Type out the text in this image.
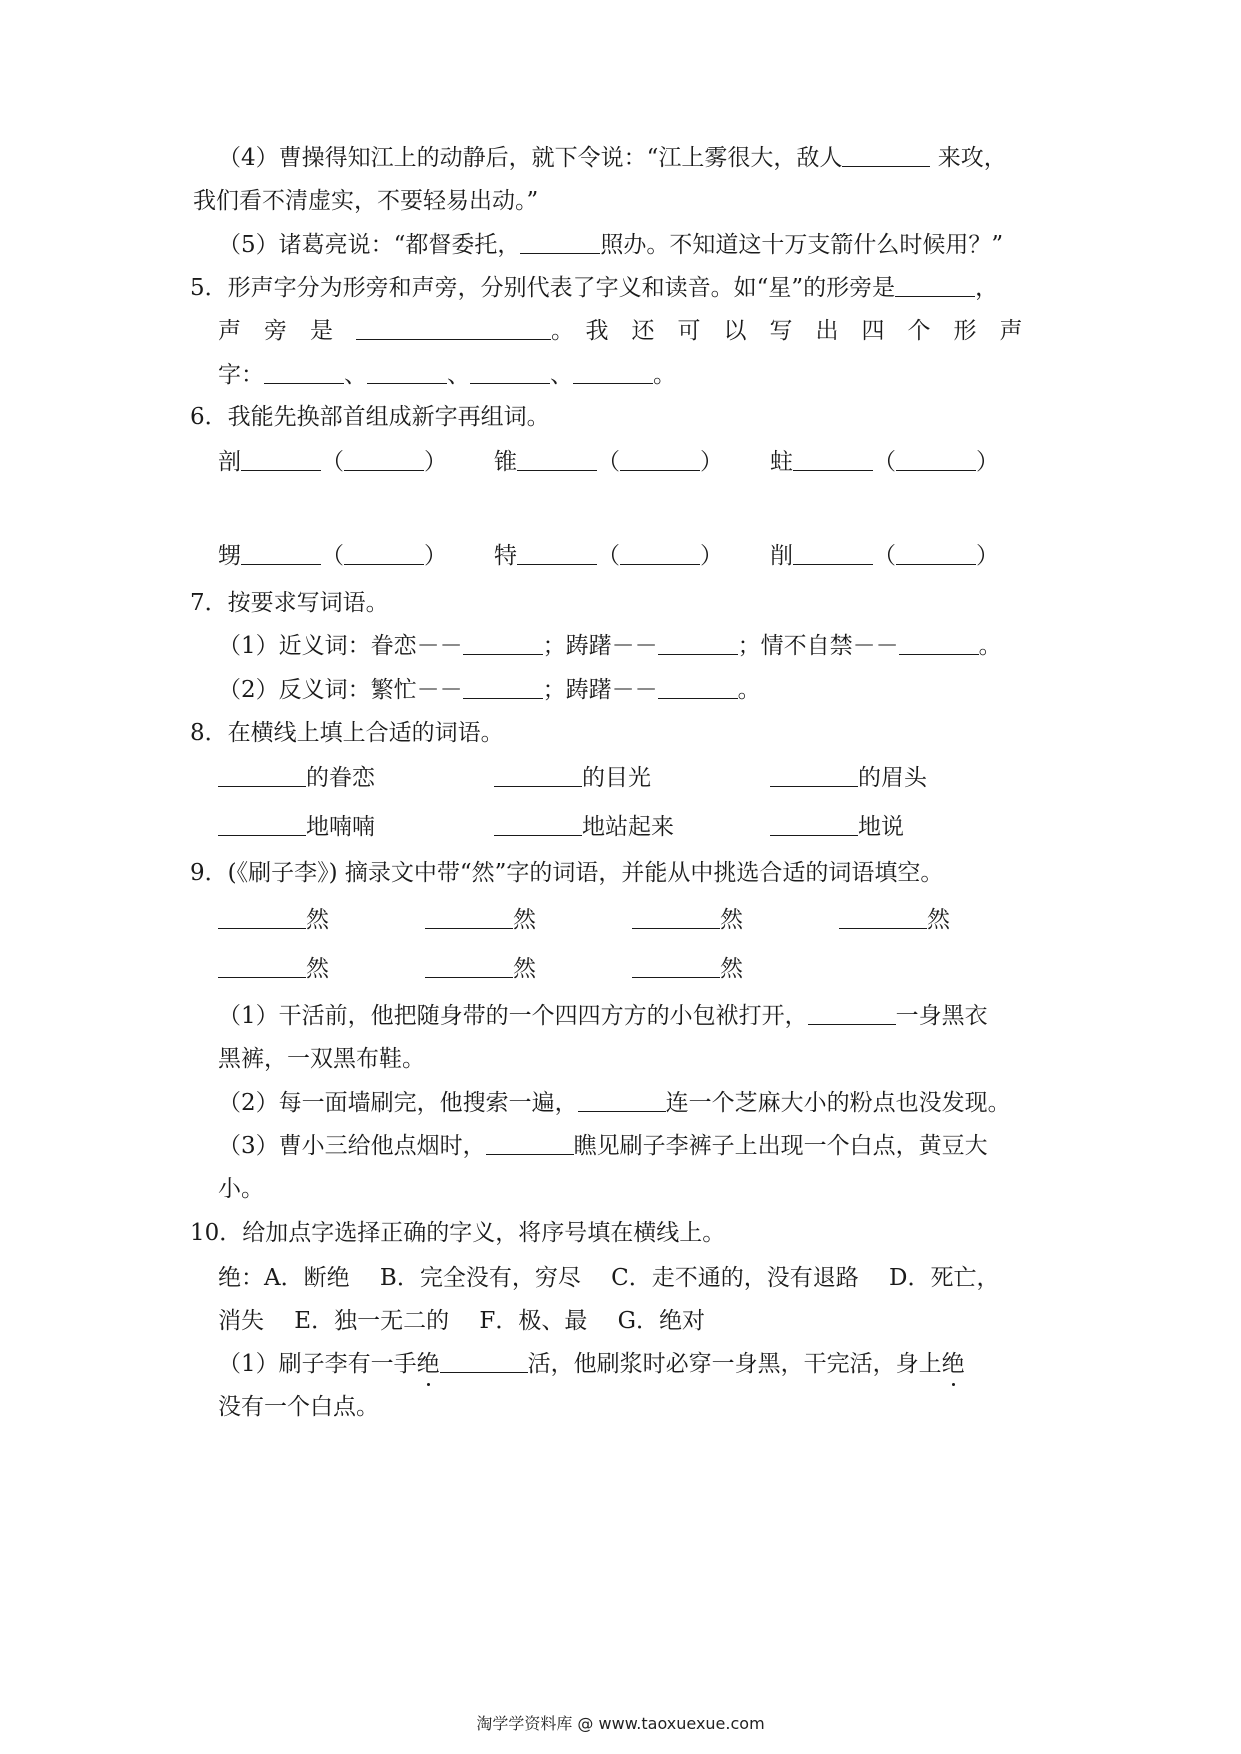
（4）曹操得知江上的动静后，就下令说：“江上雾很大，敌人	来攻，
我们看不清虚实，不要轻易出动。”
（5）诸葛亮说：“都督委托，	照办。不知道这十万支箭什么时候用？”
5．形声字分为形旁和声旁，分别代表了字义和读音。如“星”的形旁是	，
声　旁　是　	。　我　还　可　以　写　出　四　个　形　声
字：	、	、	、	。
6．我能先换部首组成新字再组词。
剖	（	） 锥	（	） 蛀	（	）
甥	（	） 特	（	） 削	（	）
7．按要求写词语。
（1）近义词：眷恋－－	；踌躇－－	；情不自禁－－	。
（2）反义词：繁忙－－	；踌躇－－	。
8．在横线上填上合适的词语。
的眷恋	的目光	的眉头
地喃喃	地站起来	地说
9．(《刷子李》) 摘录文中带“然”字的词语，并能从中挑选合适的词语填空。
然	然	然	然
然	然	然
（1）干活前，他把随身带的一个四四方方的小包袱打开，	一身黑衣
黑裤，一双黑布鞋。
（2）每一面墙刷完，他搜索一遍，	连一个芝麻大小的粉点也没发现。
（3）曹小三给他点烟时，	瞧见刷子李裤子上出现一个白点，黄豆大
小。
10．给加点字选择正确的字义，将序号填在横线上。
绝：A．断绝　 B．完全没有，穷尽　 C．走不通的，没有退路　 D．死亡，
消失　 E．独一无二的　 F．极、最　 G．绝对
（1）刷子李有一手绝	活，他刷浆时必穿一身黑，干完活，身上绝
没有一个白点。
淘学学资料库 @ www.taoxuexue.com
